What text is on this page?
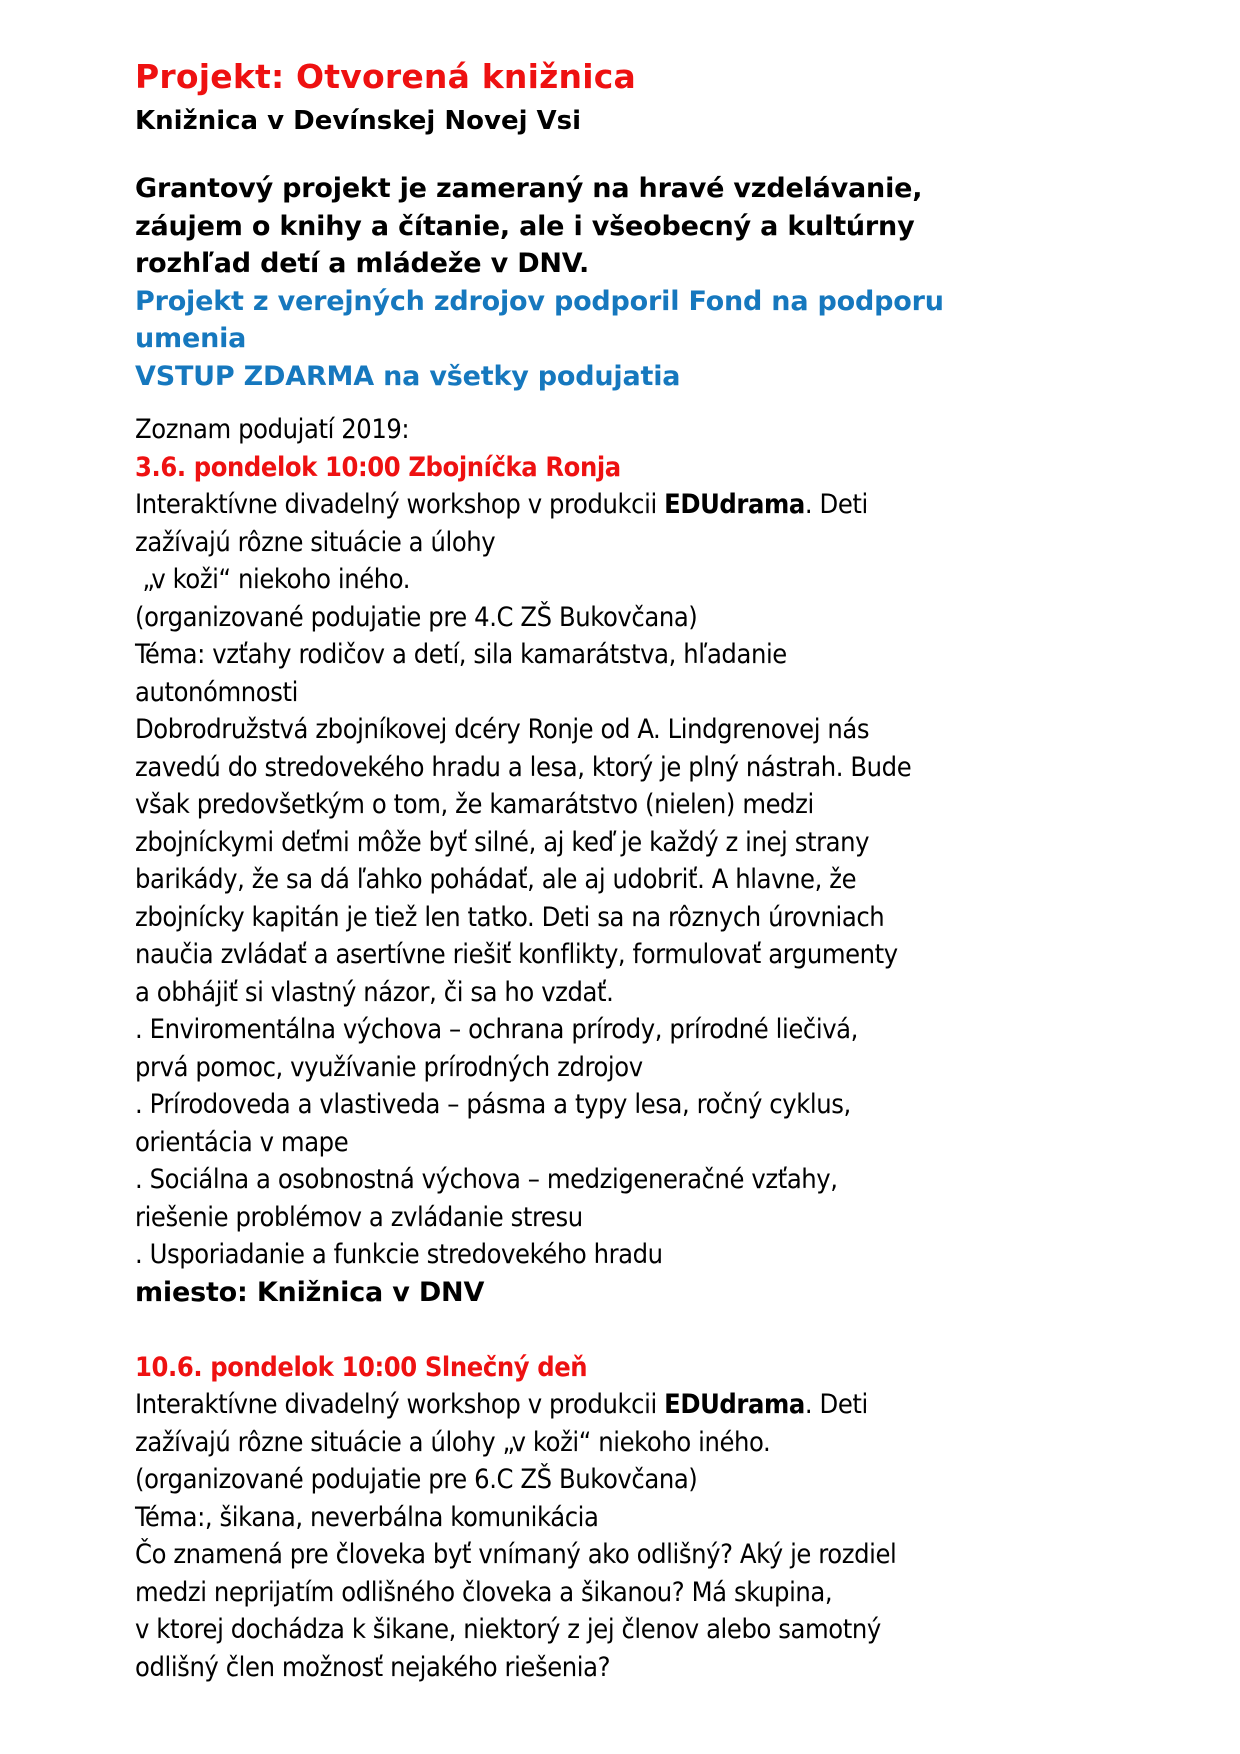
Projekt: Otvorená knižnica
Knižnica v Devínskej Novej Vsi
Grantový projekt je zameraný na hravé vzdelávanie,
záujem o knihy a čítanie, ale i všeobecný a kultúrny
rozhľad detí a mládeže v DNV.
Projekt z verejných zdrojov podporil Fond na podporu
umenia
VSTUP ZDARMA na všetky podujatia
Zoznam podujatí 2019:
3.6. pondelok 10:00 Zbojníčka Ronja
Interaktívne divadelný workshop v produkcii EDUdrama. Deti
zažívajú rôzne situácie a úlohy
„v koži“ niekoho iného.
(organizované podujatie pre 4.C ZŠ Bukovčana)
Téma: vzťahy rodičov a detí, sila kamarátstva, hľadanie
autonómnosti
Dobrodružstvá zbojníkovej dcéry Ronje od A. Lindgrenovej nás
zavedú do stredovekého hradu a lesa, ktorý je plný nástrah. Bude
však predovšetkým o tom, že kamarátstvo (nielen) medzi
zbojníckymi deťmi môže byť silné, aj keď je každý z inej strany
barikády, že sa dá ľahko pohádať, ale aj udobriť. A hlavne, že
zbojnícky kapitán je tiež len tatko. Deti sa na rôznych úrovniach
naučia zvládať a asertívne riešiť konflikty, formulovať argumenty
a obhájiť si vlastný názor, či sa ho vzdať.
. Enviromentálna výchova – ochrana prírody, prírodné liečivá,
prvá pomoc, využívanie prírodných zdrojov
. Prírodoveda a vlastiveda – pásma a typy lesa, ročný cyklus,
orientácia v mape
. Sociálna a osobnostná výchova – medzigeneračné vzťahy,
riešenie problémov a zvládanie stresu
. Usporiadanie a funkcie stredovekého hradu
miesto: Knižnica v DNV
10.6. pondelok 10:00 Slnečný deň
Interaktívne divadelný workshop v produkcii EDUdrama. Deti
zažívajú rôzne situácie a úlohy „v koži“ niekoho iného.
(organizované podujatie pre 6.C ZŠ Bukovčana)
Téma:, šikana, neverbálna komunikácia
Čo znamená pre človeka byť vnímaný ako odlišný? Aký je rozdiel
medzi neprijatím odlišného človeka a šikanou? Má skupina,
v ktorej dochádza k šikane, niektorý z jej členov alebo samotný
odlišný člen možnosť nejakého riešenia?
